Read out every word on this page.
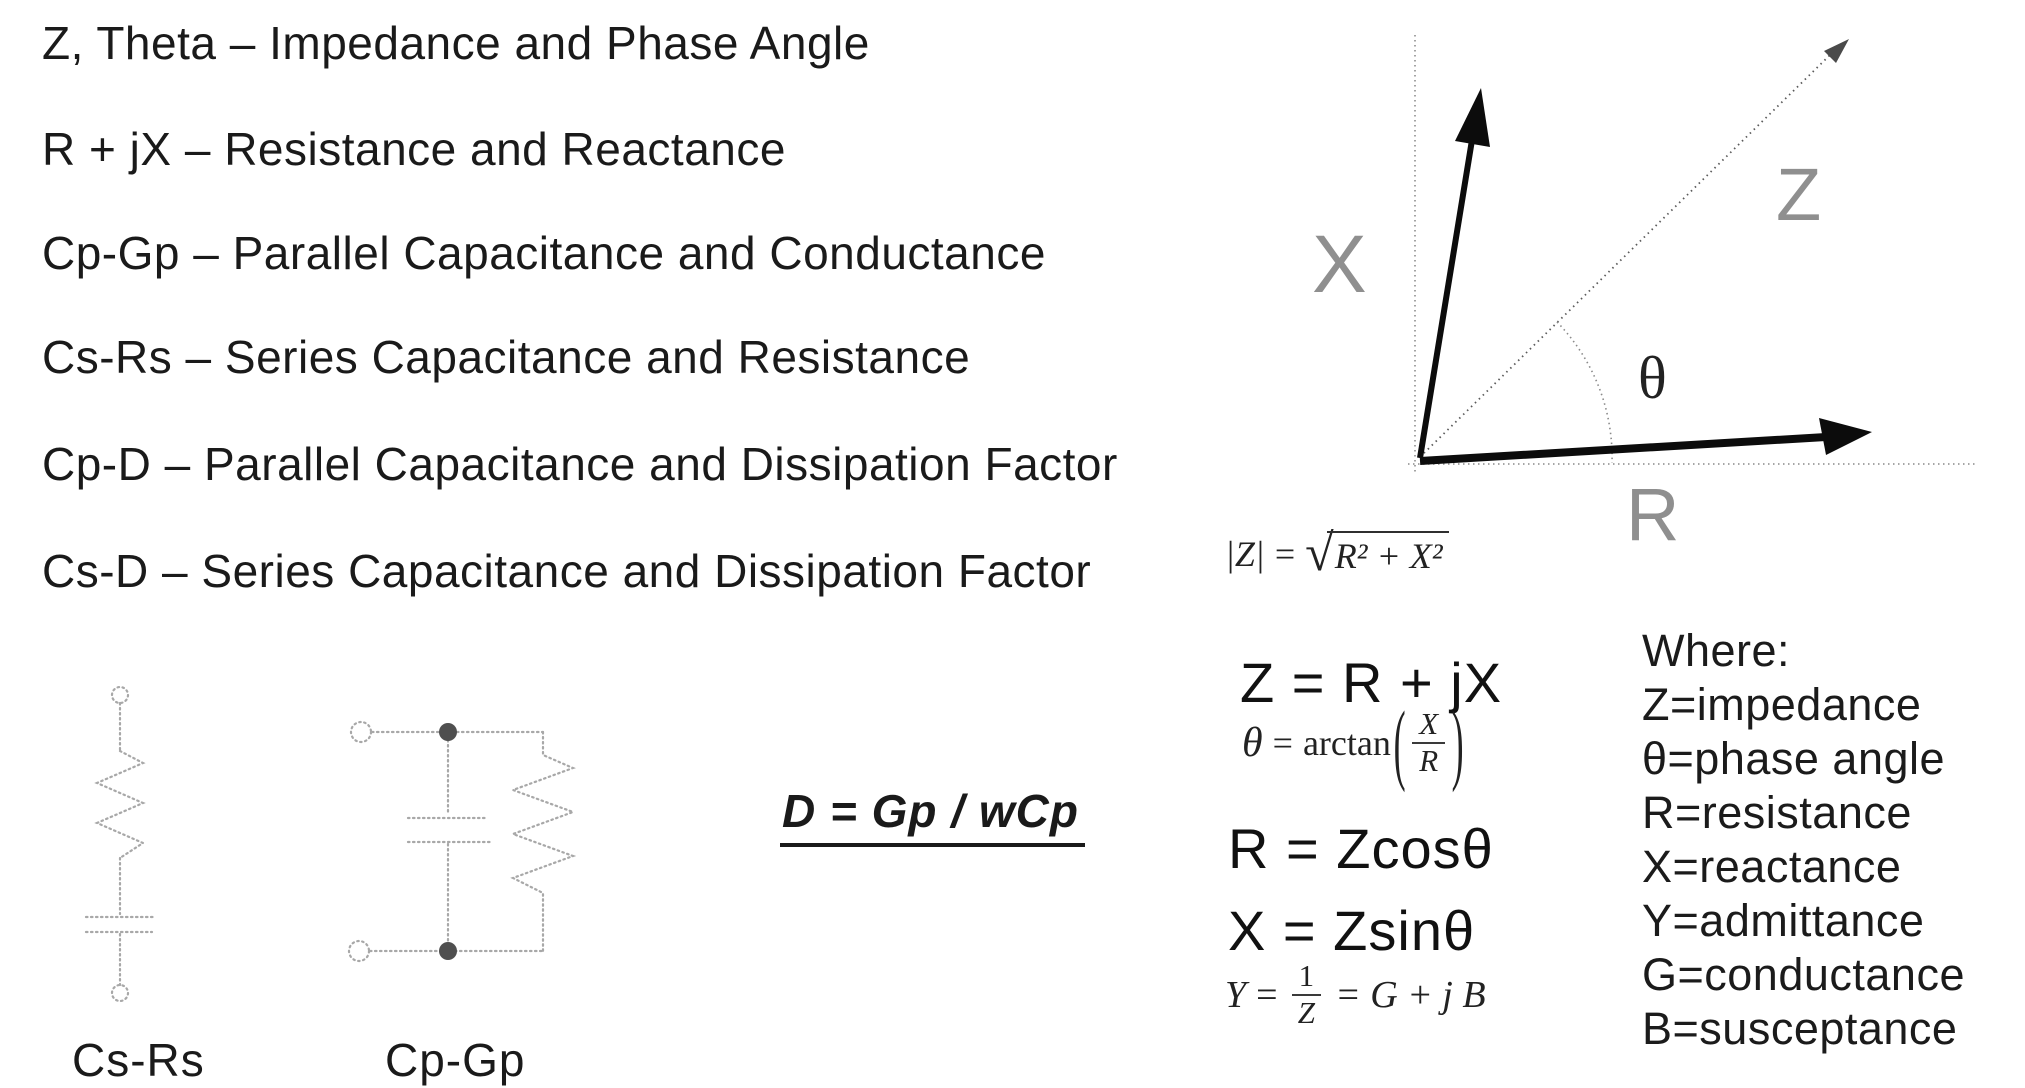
Z, Theta – Impedance and Phase Angle
R + jX – Resistance and Reactance
Cp-Gp – Parallel Capacitance and Conductance
Cs-Rs – Series Capacitance and Resistance
Cp-D – Parallel Capacitance and Dissipation Factor
Cs-D – Series Capacitance and Dissipation Factor
Cs-Rs	Cp-Gp
D = Gp / wCp
X
Z
R
θ
|Z| = √ R² + X²
Z = R + jX
θ = arctan ( $\frac{X}{R}$ )
R = Zcosθ
X = Zsinθ
$Y = \frac{1}{Z} = G + j$ B
Where:
Z=impedance
θ=phase angle
R=resistance
X=reactance
Y=admittance
G=conductance
B=susceptance
